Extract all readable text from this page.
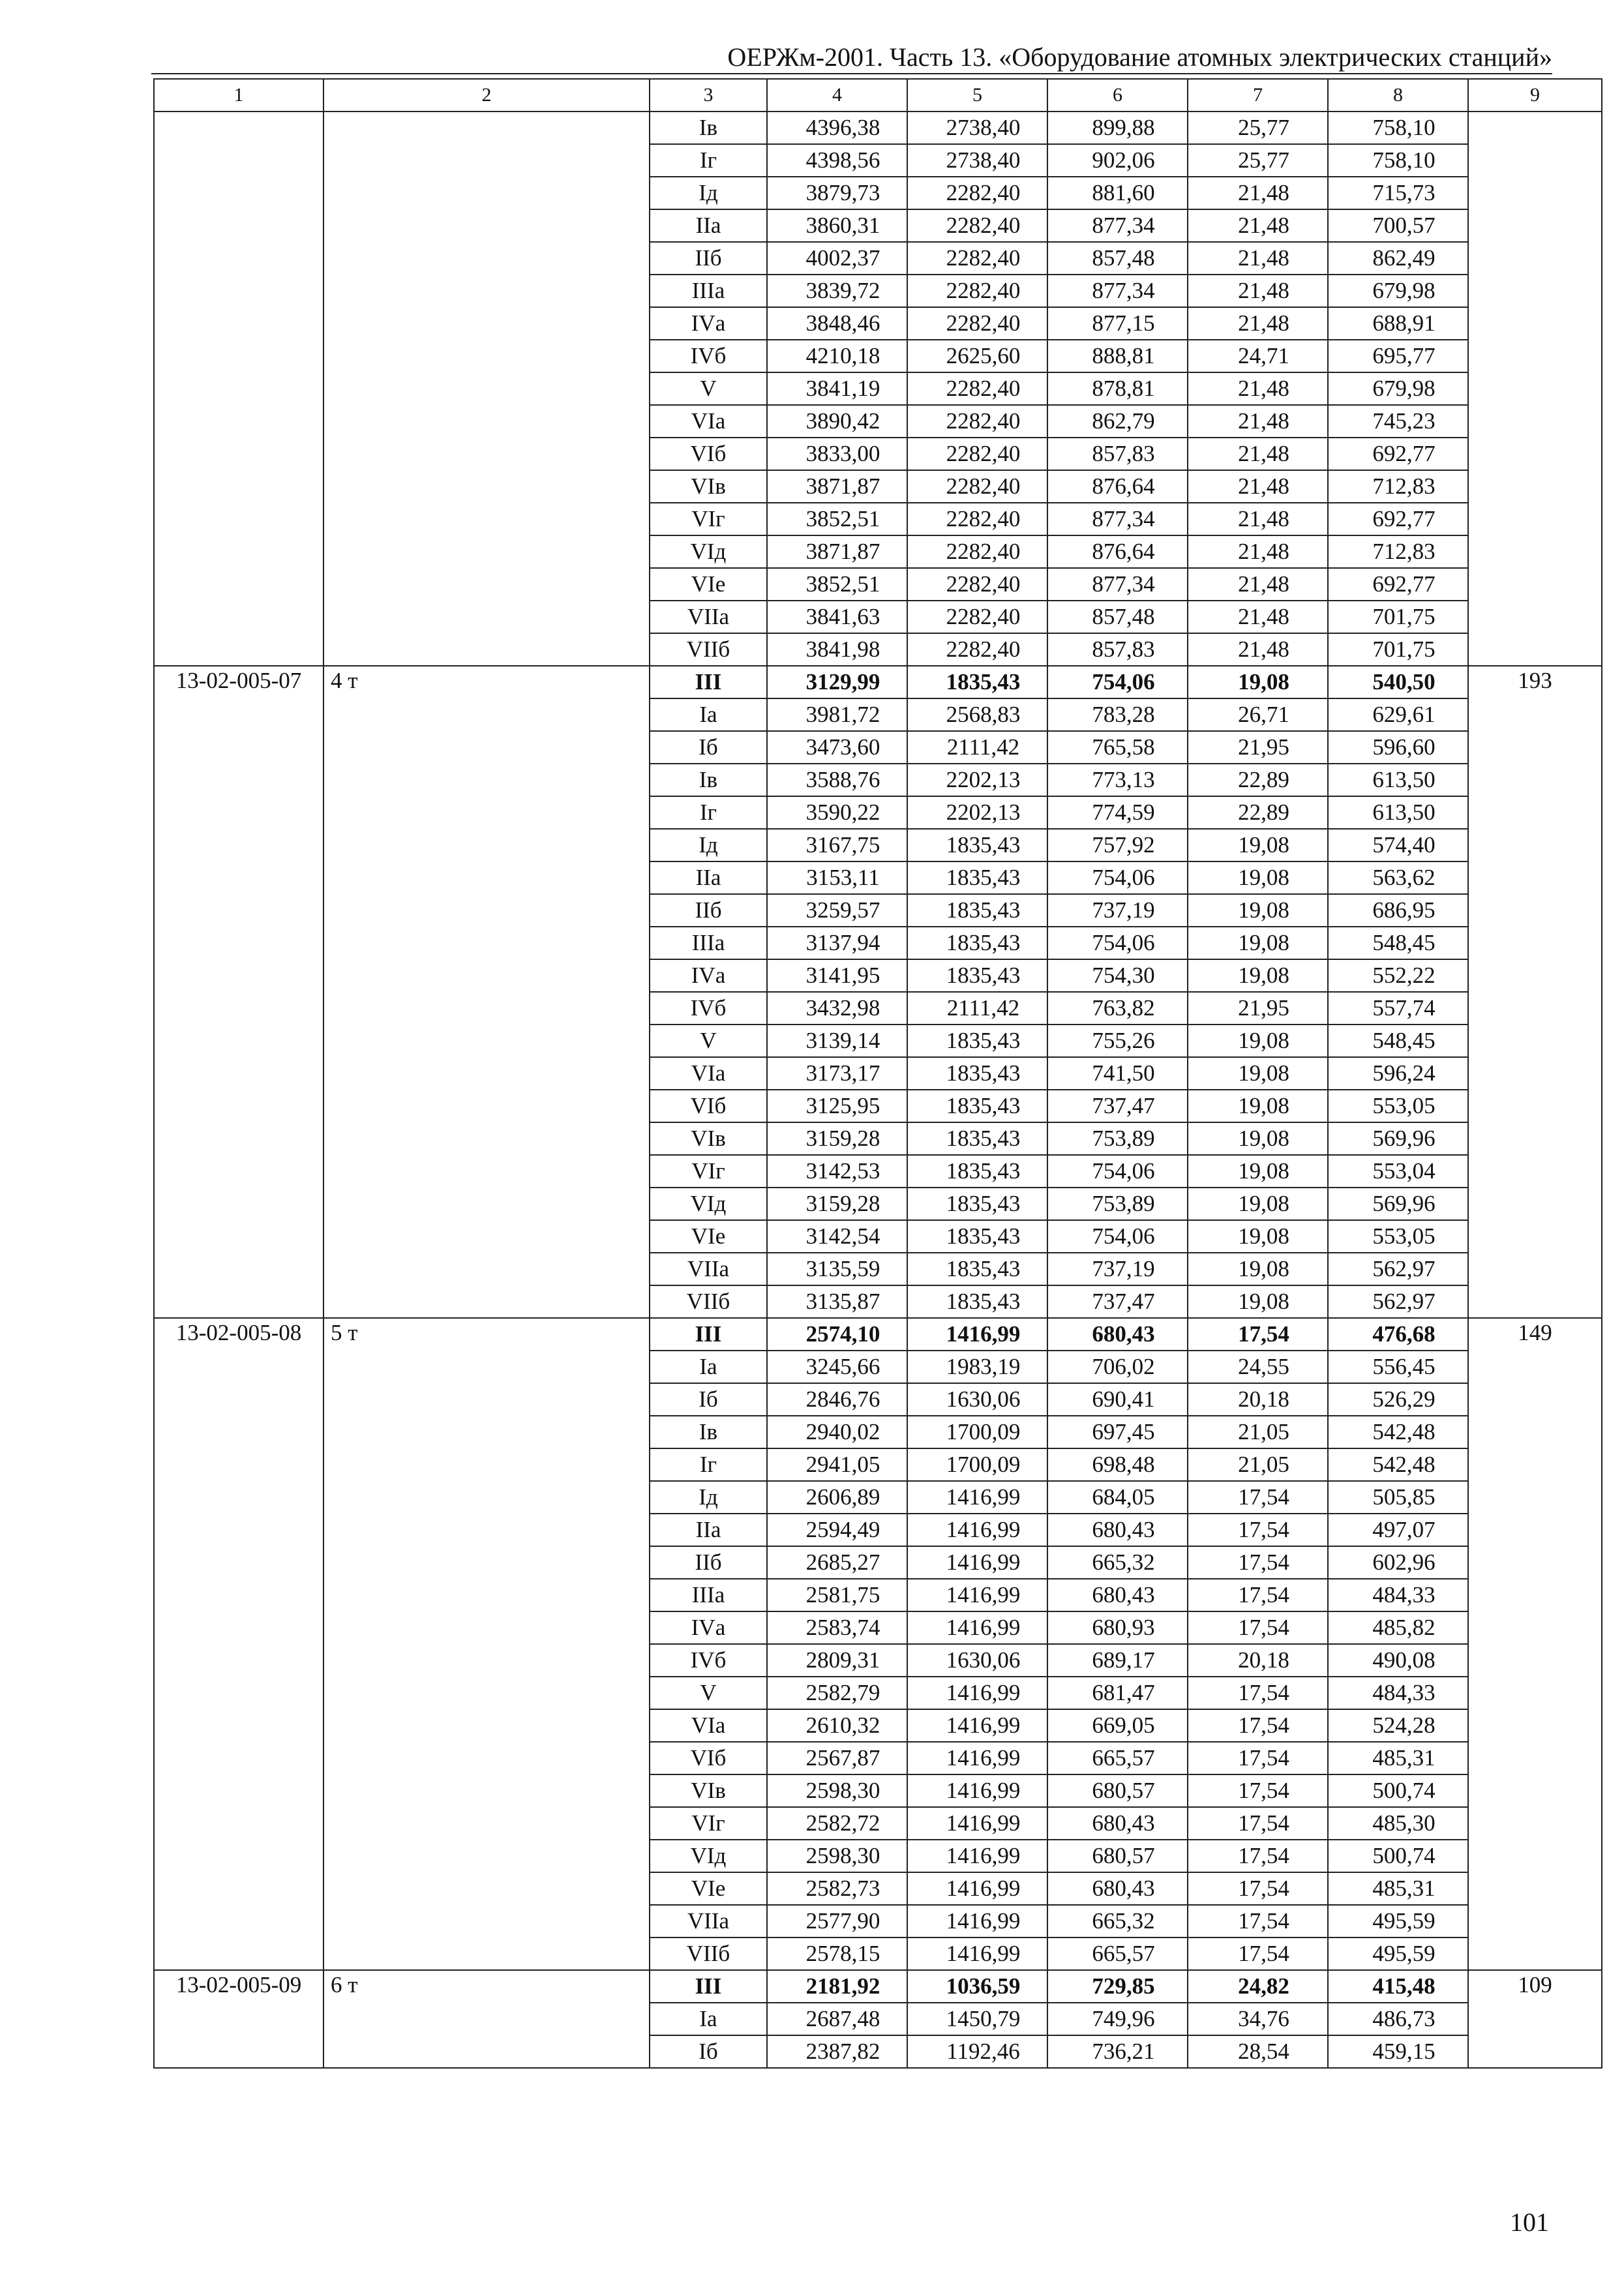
ОЕРЖм-2001. Часть 13. «Оборудование атомных электрических станций»
1	2	3	4	5	6	7	8	9
		Iв	4396,38	2738,40	899,88	25,77	758,10	
		Iг	4398,56	2738,40	902,06	25,77	758,10	
		Iд	3879,73	2282,40	881,60	21,48	715,73	
		IIа	3860,31	2282,40	877,34	21,48	700,57	
		IIб	4002,37	2282,40	857,48	21,48	862,49	
		IIIа	3839,72	2282,40	877,34	21,48	679,98	
		IVа	3848,46	2282,40	877,15	21,48	688,91	
		IVб	4210,18	2625,60	888,81	24,71	695,77	
		V	3841,19	2282,40	878,81	21,48	679,98	
		VIа	3890,42	2282,40	862,79	21,48	745,23	
		VIб	3833,00	2282,40	857,83	21,48	692,77	
		VIв	3871,87	2282,40	876,64	21,48	712,83	
		VIг	3852,51	2282,40	877,34	21,48	692,77	
		VIд	3871,87	2282,40	876,64	21,48	712,83	
		VIе	3852,51	2282,40	877,34	21,48	692,77	
		VIIа	3841,63	2282,40	857,48	21,48	701,75	
		VIIб	3841,98	2282,40	857,83	21,48	701,75	
13-02-005-07	4 т	III	3129,99	1835,43	754,06	19,08	540,50	193
		Iа	3981,72	2568,83	783,28	26,71	629,61	
		Iб	3473,60	2111,42	765,58	21,95	596,60	
		Iв	3588,76	2202,13	773,13	22,89	613,50	
		Iг	3590,22	2202,13	774,59	22,89	613,50	
		Iд	3167,75	1835,43	757,92	19,08	574,40	
		IIа	3153,11	1835,43	754,06	19,08	563,62	
		IIб	3259,57	1835,43	737,19	19,08	686,95	
		IIIа	3137,94	1835,43	754,06	19,08	548,45	
		IVа	3141,95	1835,43	754,30	19,08	552,22	
		IVб	3432,98	2111,42	763,82	21,95	557,74	
		V	3139,14	1835,43	755,26	19,08	548,45	
		VIа	3173,17	1835,43	741,50	19,08	596,24	
		VIб	3125,95	1835,43	737,47	19,08	553,05	
		VIв	3159,28	1835,43	753,89	19,08	569,96	
		VIг	3142,53	1835,43	754,06	19,08	553,04	
		VIд	3159,28	1835,43	753,89	19,08	569,96	
		VIе	3142,54	1835,43	754,06	19,08	553,05	
		VIIа	3135,59	1835,43	737,19	19,08	562,97	
		VIIб	3135,87	1835,43	737,47	19,08	562,97	
13-02-005-08	5 т	III	2574,10	1416,99	680,43	17,54	476,68	149
		Iа	3245,66	1983,19	706,02	24,55	556,45	
		Iб	2846,76	1630,06	690,41	20,18	526,29	
		Iв	2940,02	1700,09	697,45	21,05	542,48	
		Iг	2941,05	1700,09	698,48	21,05	542,48	
		Iд	2606,89	1416,99	684,05	17,54	505,85	
		IIа	2594,49	1416,99	680,43	17,54	497,07	
		IIб	2685,27	1416,99	665,32	17,54	602,96	
		IIIа	2581,75	1416,99	680,43	17,54	484,33	
		IVа	2583,74	1416,99	680,93	17,54	485,82	
		IVб	2809,31	1630,06	689,17	20,18	490,08	
		V	2582,79	1416,99	681,47	17,54	484,33	
		VIа	2610,32	1416,99	669,05	17,54	524,28	
		VIб	2567,87	1416,99	665,57	17,54	485,31	
		VIв	2598,30	1416,99	680,57	17,54	500,74	
		VIг	2582,72	1416,99	680,43	17,54	485,30	
		VIд	2598,30	1416,99	680,57	17,54	500,74	
		VIе	2582,73	1416,99	680,43	17,54	485,31	
		VIIа	2577,90	1416,99	665,32	17,54	495,59	
		VIIб	2578,15	1416,99	665,57	17,54	495,59	
13-02-005-09	6 т	III	2181,92	1036,59	729,85	24,82	415,48	109
		Iа	2687,48	1450,79	749,96	34,76	486,73	
		Iб	2387,82	1192,46	736,21	28,54	459,15	
101
